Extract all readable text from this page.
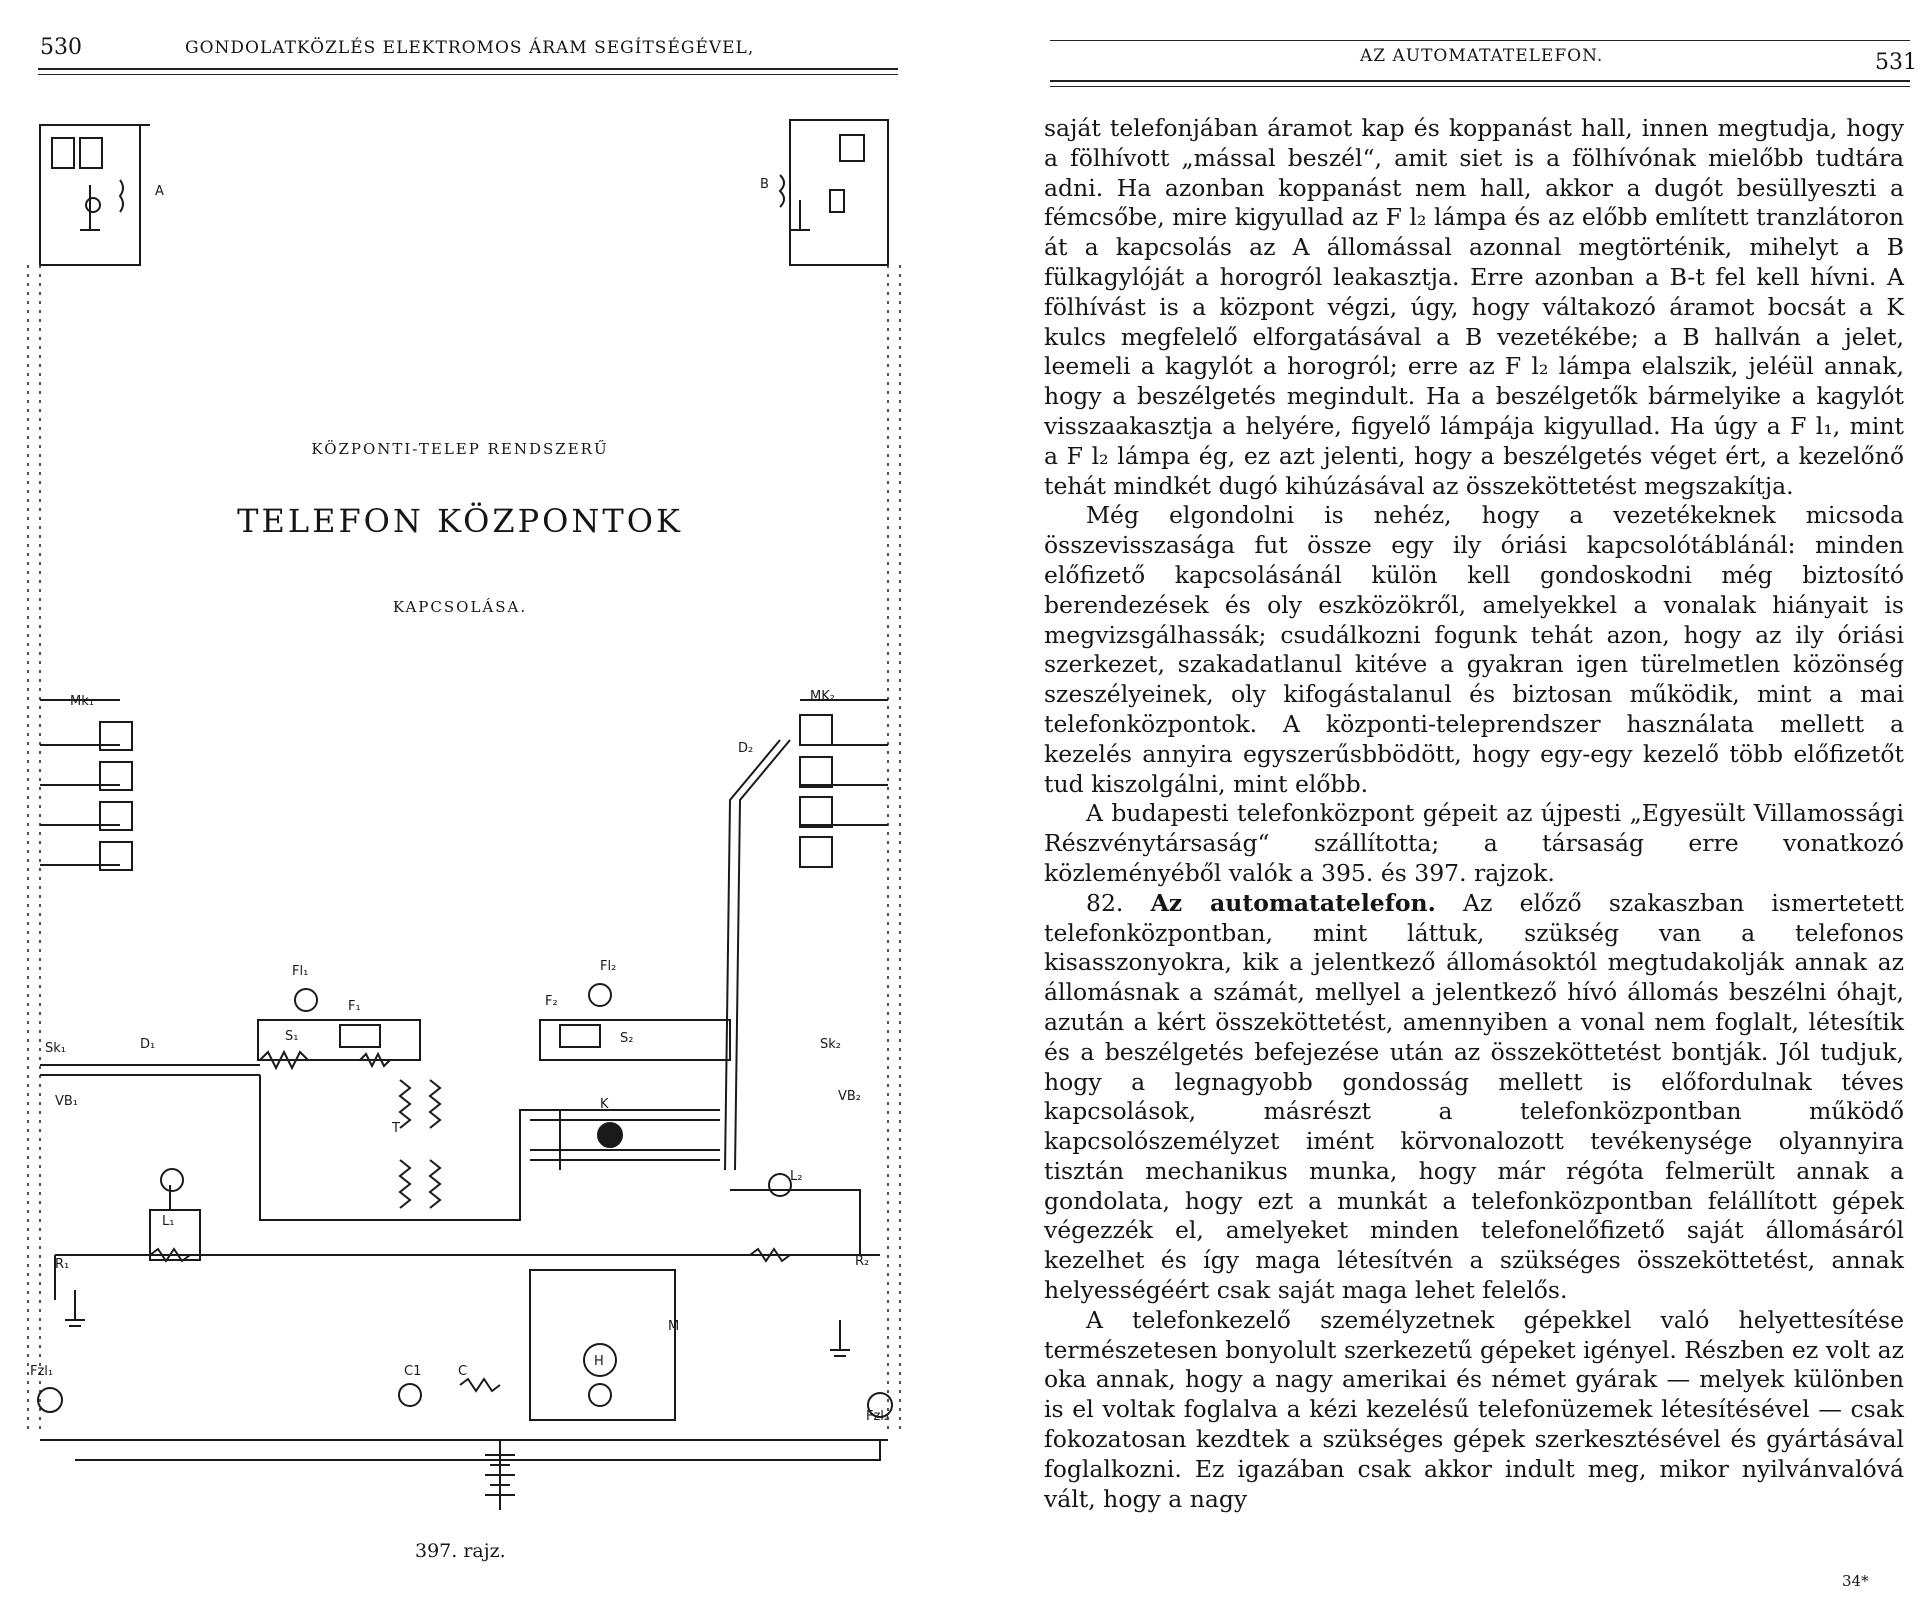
530	GONDOLATKÖZLÉS ELEKTROMOS ÁRAM SEGÍTSÉGÉVEL,
A	B
Mk₁	MK₂
D₂
Fl₁	Fl₂
F₁	F₂
S₁	S₂
Sk₁	Sk₂
D₁
VB₁	VB₂
T
K
L₁
L₂
R₁	R₂
M
H
C1	C
Fzl₁
Fzl₂
KÖZPONTI-TELEP RENDSZERŰ
TELEFON KÖZPONTOK
KAPCSOLÁSA.
397. rajz.
AZ AUTOMATATELEFON.	531

saját telefonjában áramot kap és koppanást hall, innen megtudja, hogy a fölhívott „mással beszél“, amit siet is a fölhívónak mielőbb tudtára adni. Ha azonban koppanást nem hall, akkor a dugót besüllyeszti a fémcsőbe, mire kigyullad az F l₂ lámpa és az előbb említett tranzlátoron át a kapcsolás az A állomással azonnal megtörténik, mihelyt a B fülkagylóját a horogról leakasztja. Erre azonban a B-t fel kell hívni. A fölhívást is a központ végzi, úgy, hogy váltakozó áramot bocsát a K kulcs megfelelő elforgatásával a B vezetékébe; a B hallván a jelet, leemeli a kagylót a horogról; erre az F l₂ lámpa elalszik, jeléül annak, hogy a beszélgetés megindult. Ha a beszélgetők bármelyike a kagylót visszaakasztja a helyére, figyelő lámpája kigyullad. Ha úgy a F l₁, mint a F l₂ lámpa ég, ez azt jelenti, hogy a beszélgetés véget ért, a kezelőnő tehát mindkét dugó kihúzásával az összeköttetést megszakítja.

Még elgondolni is nehéz, hogy a vezetékeknek micsoda összevisszasága fut össze egy ily óriási kapcsolótáblánál: minden előfizető kapcsolásánál külön kell gondoskodni még biztosító berendezések és oly eszközökről, amelyekkel a vonalak hiányait is megvizsgálhassák; csudálkozni fogunk tehát azon, hogy az ily óriási szerkezet, szakadatlanul kitéve a gyakran igen türelmetlen közönség szeszélyeinek, oly kifogástalanul és biztosan működik, mint a mai telefonközpontok. A központi-teleprendszer használata mellett a kezelés annyira egyszerűsbbödött, hogy egy-egy kezelő több előfizetőt tud kiszolgálni, mint előbb.

A budapesti telefonközpont gépeit az újpesti „Egyesült Villamossági Részvénytársaság“ szállította; a társaság erre vonatkozó közleményéből valók a 395. és 397. rajzok.

82. Az automatatelefon. Az előző szakaszban ismertetett telefonközpontban, mint láttuk, szükség van a telefonos kisasszonyokra, kik a jelentkező állomásoktól megtudakolják annak az állomásnak a számát, mellyel a jelentkező hívó állomás beszélni óhajt, azután a kért összeköttetést, amennyiben a vonal nem foglalt, létesítik és a beszélgetés befejezése után az összeköttetést bontják. Jól tudjuk, hogy a legnagyobb gondosság mellett is előfordulnak téves kapcsolások, másrészt a telefonközpontban működő kapcsolószemélyzet imént körvonalozott tevékenysége olyannyira tisztán mechanikus munka, hogy már régóta felmerült annak a gondolata, hogy ezt a munkát a telefonközpontban felállított gépek végezzék el, amelyeket minden telefonelőfizető saját állomásáról kezelhet és így maga létesítvén a szükséges összeköttetést, annak helyességéért csak saját maga lehet felelős.

A telefonkezelő személyzetnek gépekkel való helyettesítése természetesen bonyolult szerkezetű gépeket igényel. Részben ez volt az oka annak, hogy a nagy amerikai és német gyárak — melyek különben is el voltak foglalva a kézi kezelésű telefonüzemek létesítésével — csak fokozatosan kezdtek a szükséges gépek szerkesztésével és gyártásával foglalkozni. Ez igazában csak akkor indult meg, mikor nyilvánvalóvá vált, hogy a nagy

34*
